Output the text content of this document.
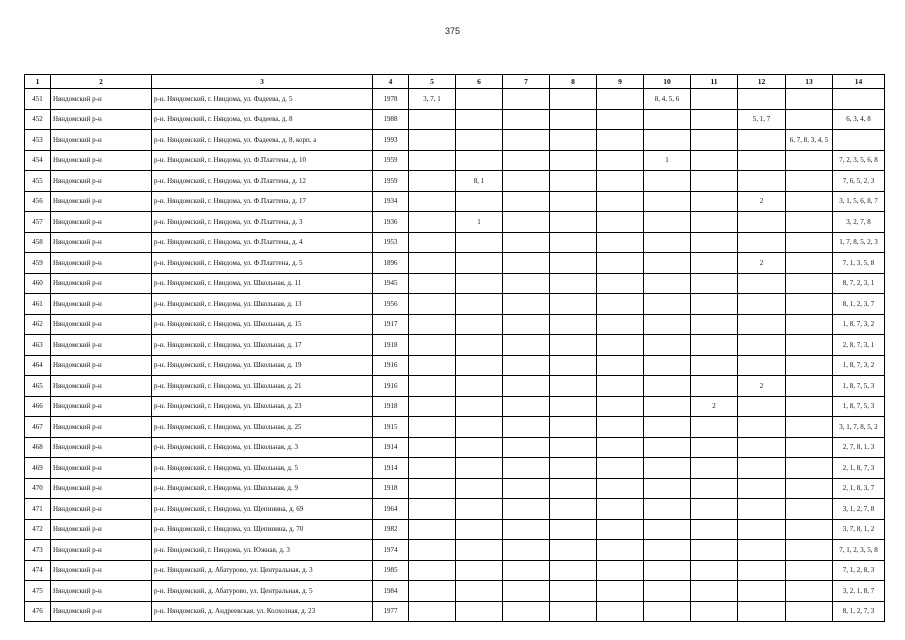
375
1	2	3	4	5	6	7	8	9	10	11	12	13	14
451	Няндомский р-н	р-н. Няндомский, г. Няндома, ул. Фадеева, д. 5	1978	3, 7, 1					8, 4, 5, 6				
452	Няндомский р-н	р-н. Няндомский, г. Няндома, ул. Фадеева, д. 8	1988								5, 1, 7		6, 3, 4, 8
453	Няндомский р-н	р-н. Няндомский, г. Няндома, ул. Фадеева, д. 8, корп. а	1993									6, 7, 8, 3, 4, 5	
454	Няндомский р-н	р-н. Няндомский, г. Няндома, ул. Ф.Платтена, д. 10	1959						1				7, 2, 3, 5, 6, 8
455	Няндомский р-н	р-н. Няндомский, г. Няндома, ул. Ф.Платтена, д. 12	1959		8, 1								7, 6, 5, 2, 3
456	Няндомский р-н	р-н. Няндомский, г. Няндома, ул. Ф.Платтена, д. 17	1934								2		3, 1, 5, 6, 8, 7
457	Няндомский р-н	р-н. Няндомский, г. Няндома, ул. Ф.Платтена, д. 3	1936		1								3, 2, 7, 8
458	Няндомский р-н	р-н. Няндомский, г. Няндома, ул. Ф.Платтена, д. 4	1953										1, 7, 8, 5, 2, 3
459	Няндомский р-н	р-н. Няндомский, г. Няндома, ул. Ф.Платтена, д. 5	1896								2		7, 1, 3, 5, 8
460	Няндомский р-н	р-н. Няндомский, г. Няндома, ул. Школьная, д. 11	1945										8, 7, 2, 3, 1
461	Няндомский р-н	р-н. Няндомский, г. Няндома, ул. Школьная, д. 13	1956										8, 1, 2, 3, 7
462	Няндомский р-н	р-н. Няндомский, г. Няндома, ул. Школьная, д. 15	1917										1, 8, 7, 3, 2
463	Няндомский р-н	р-н. Няндомский, г. Няндома, ул. Школьная, д. 17	1918										2, 8, 7, 3, 1
464	Няндомский р-н	р-н. Няндомский, г. Няндома, ул. Школьная, д. 19	1916										1, 8, 7, 3, 2
465	Няндомский р-н	р-н. Няндомский, г. Няндома, ул. Школьная, д. 21	1916								2		1, 8, 7, 5, 3
466	Няндомский р-н	р-н. Няндомский, г. Няндома, ул. Школьная, д. 23	1918							2			1, 8, 7, 5, 3
467	Няндомский р-н	р-н. Няндомский, г. Няндома, ул. Школьная, д. 25	1915										3, 1, 7, 8, 5, 2
468	Няндомский р-н	р-н. Няндомский, г. Няндома, ул. Школьная, д. 3	1914										2, 7, 8, 1, 3
469	Няндомский р-н	р-н. Няндомский, г. Няндома, ул. Школьная, д. 5	1914										2, 1, 8, 7, 3
470	Няндомский р-н	р-н. Няндомский, г. Няндома, ул. Школьная, д. 9	1918										2, 1, 8, 3, 7
471	Няндомский р-н	р-н. Няндомский, г. Няндома, ул. Щепинина, д. 69	1964										3, 1, 2, 7, 8
472	Няндомский р-н	р-н. Няндомский, г. Няндома, ул. Щепинина, д. 70	1982										3, 7, 8, 1, 2
473	Няндомский р-н	р-н. Няндомский, г. Няндома, ул. Южная, д. 3	1974										7, 1, 2, 3, 5, 8
474	Няндомский р-н	р-н. Няндомский, д. Абатурово, ул. Центральная, д. 3	1985										7, 1, 2, 8, 3
475	Няндомский р-н	р-н. Няндомский, д. Абатурово, ул. Центральная, д. 5	1984										3, 2, 1, 8, 7
476	Няндомский р-н	р-н. Няндомский, д. Андреевская, ул. Колхозная, д. 23	1977										8, 1, 2, 7, 3
